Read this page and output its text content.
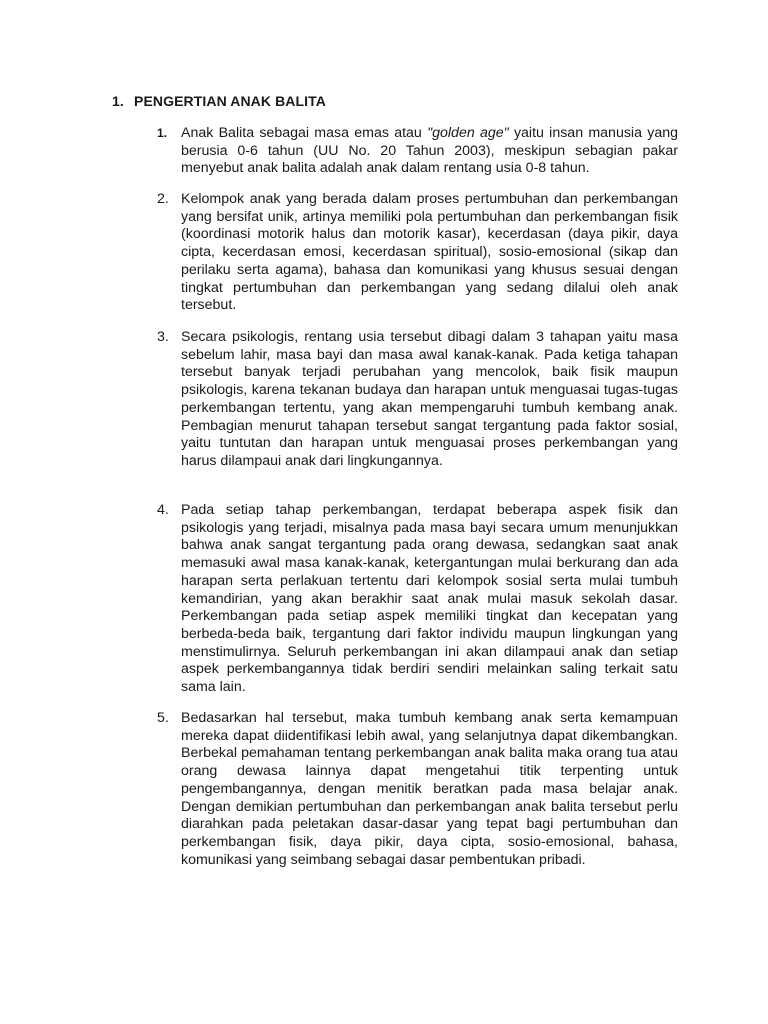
1. PENGERTIAN ANAK BALITA
1. Anak Balita sebagai masa emas atau "golden age" yaitu insan manusia yang berusia 0-6 tahun (UU No. 20 Tahun 2003), meskipun sebagian pakar menyebut anak balita adalah anak dalam rentang usia 0-8 tahun.
2. Kelompok anak yang berada dalam proses pertumbuhan dan perkembangan yang bersifat unik, artinya memiliki pola pertumbuhan dan perkembangan fisik (koordinasi motorik halus dan motorik kasar), kecerdasan (daya pikir, daya cipta, kecerdasan emosi, kecerdasan spiritual), sosio-emosional (sikap dan perilaku serta agama), bahasa dan komunikasi yang khusus sesuai dengan tingkat pertumbuhan dan perkembangan yang sedang dilalui oleh anak tersebut.
3. Secara psikologis, rentang usia tersebut dibagi dalam 3 tahapan yaitu masa sebelum lahir, masa bayi dan masa awal kanak-kanak. Pada ketiga tahapan tersebut banyak terjadi perubahan yang mencolok, baik fisik maupun psikologis, karena tekanan budaya dan harapan untuk menguasai tugas-tugas perkembangan tertentu, yang akan mempengaruhi tumbuh kembang anak. Pembagian menurut tahapan tersebut sangat tergantung pada faktor sosial, yaitu tuntutan dan harapan untuk menguasai proses perkembangan yang harus dilampaui anak dari lingkungannya.
4. Pada setiap tahap perkembangan, terdapat beberapa aspek fisik dan psikologis yang terjadi, misalnya pada masa bayi secara umum menunjukkan bahwa anak sangat tergantung pada orang dewasa, sedangkan saat anak memasuki awal masa kanak-kanak, ketergantungan mulai berkurang dan ada harapan serta perlakuan tertentu dari kelompok sosial serta mulai tumbuh kemandirian, yang akan berakhir saat anak mulai masuk sekolah dasar. Perkembangan pada setiap aspek memiliki tingkat dan kecepatan yang berbeda-beda baik, tergantung dari faktor individu maupun lingkungan yang menstimulirnya. Seluruh perkembangan ini akan dilampaui anak dan setiap aspek perkembangannya tidak berdiri sendiri melainkan saling terkait satu sama lain.
5. Bedasarkan hal tersebut, maka tumbuh kembang anak serta kemampuan mereka dapat diidentifikasi lebih awal, yang selanjutnya dapat dikembangkan. Berbekal pemahaman tentang perkembangan anak balita maka orang tua atau orang dewasa lainnya dapat mengetahui titik terpenting untuk pengembangannya, dengan menitik beratkan pada masa belajar anak. Dengan demikian pertumbuhan dan perkembangan anak balita tersebut perlu diarahkan pada peletakan dasar-dasar yang tepat bagi pertumbuhan dan perkembangan fisik, daya pikir, daya cipta, sosio-emosional, bahasa, komunikasi yang seimbang sebagai dasar pembentukan pribadi.
